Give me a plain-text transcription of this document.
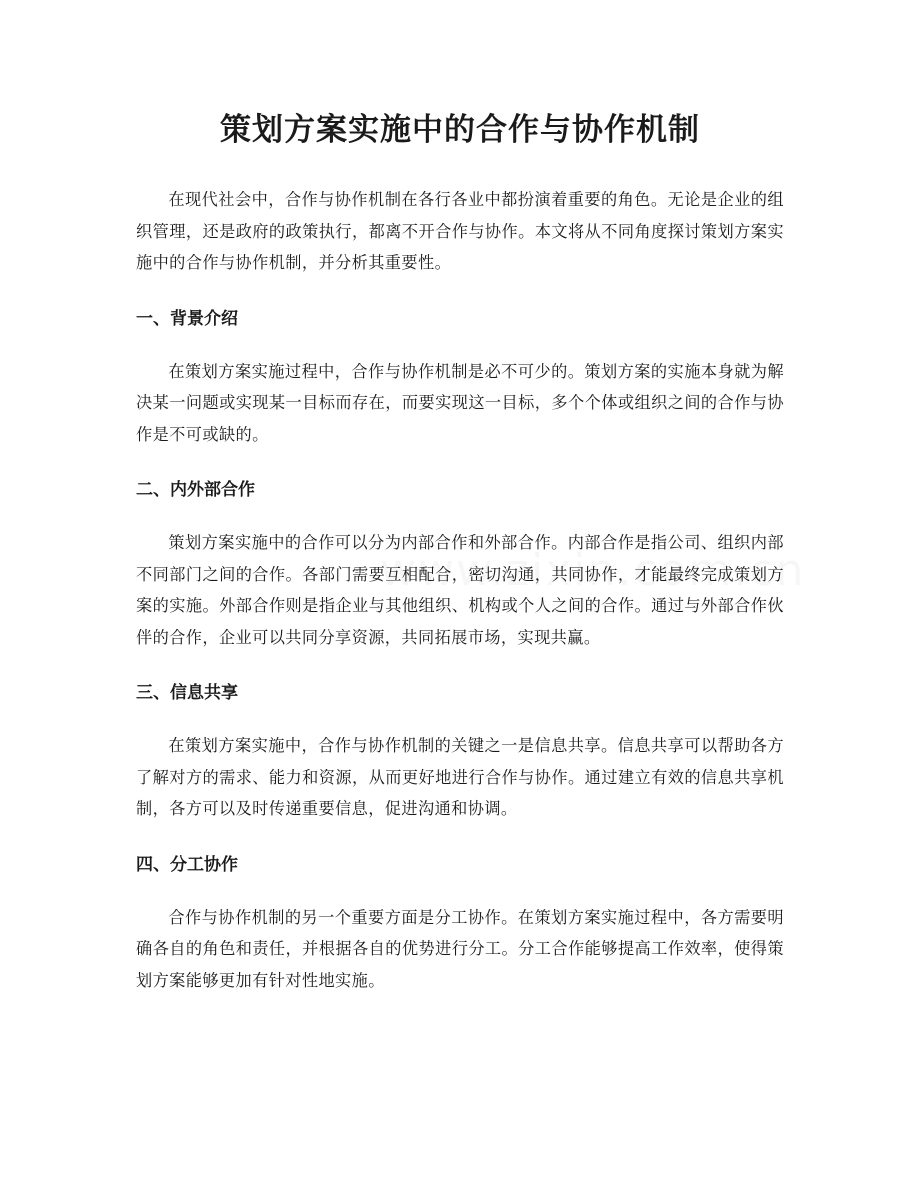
策划方案实施中的合作与协作机制

在现代社会中，合作与协作机制在各行各业中都扮演着重要的角色。无论是企业的组织管理，还是政府的政策执行，都离不开合作与协作。本文将从不同角度探讨策划方案实施中的合作与协作机制，并分析其重要性。

一、背景介绍

在策划方案实施过程中，合作与协作机制是必不可少的。策划方案的实施本身就为解决某一问题或实现某一目标而存在，而要实现这一目标，多个个体或组织之间的合作与协作是不可或缺的。

二、内外部合作

策划方案实施中的合作可以分为内部合作和外部合作。内部合作是指公司、组织内部不同部门之间的合作。各部门需要互相配合，密切沟通，共同协作，才能最终完成策划方案的实施。外部合作则是指企业与其他组织、机构或个人之间的合作。通过与外部合作伙伴的合作，企业可以共同分享资源，共同拓展市场，实现共赢。

三、信息共享

在策划方案实施中，合作与协作机制的关键之一是信息共享。信息共享可以帮助各方了解对方的需求、能力和资源，从而更好地进行合作与协作。通过建立有效的信息共享机制，各方可以及时传递重要信息，促进沟通和协调。

四、分工协作

合作与协作机制的另一个重要方面是分工协作。在策划方案实施过程中，各方需要明确各自的角色和责任，并根据各自的优势进行分工。分工合作能够提高工作效率，使得策划方案能够更加有针对性地实施。
